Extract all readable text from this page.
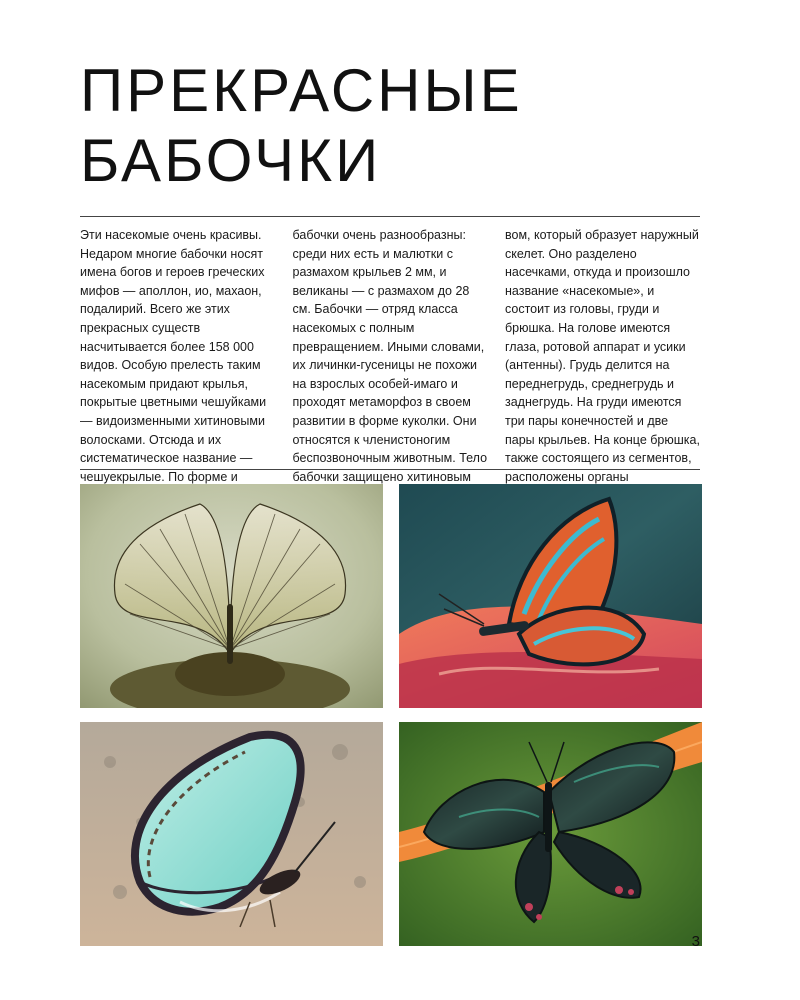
ПРЕКРАСНЫЕ
БАБОЧКИ

Эти насекомые очень красивы. Недаром многие бабочки носят имена богов и героев греческих мифов — аполлон, ио, махаон, подалирий. Всего же этих прекрасных существ насчитывается более 158 000 видов. Особую прелесть таким насекомым придают крылья, покрытые цветными чешуйками — видоизменными хитиновыми волосками. Отсюда и их систематическое название — чешуекрылые. По форме и

бабочки очень разнообразны: среди них есть и малютки с размахом крыльев 2 мм, и великаны — с размахом до 28 см. Бабочки — отряд класса насекомых с полным превращением. Иными словами, их личинки-гусеницы не похожи на взрослых особей-имаго и проходят метаморфоз в своем развитии в форме куколки. Они относятся к членистоногим беспозвоночным животным. Тело бабочки защищено хитиновым

вом, который образует наружный скелет. Оно разделено насечками, откуда и произошло название «насекомые», и состоит из головы, груди и брюшка. На голове имеются глаза, ротовой аппарат и усики (антенны). Грудь делится на переднегрудь, среднегрудь и заднегрудь. На груди имеются три пары конечностей и две пары крыльев. На конце брюшка, также состоящего из сегментов, расположены органы

3
